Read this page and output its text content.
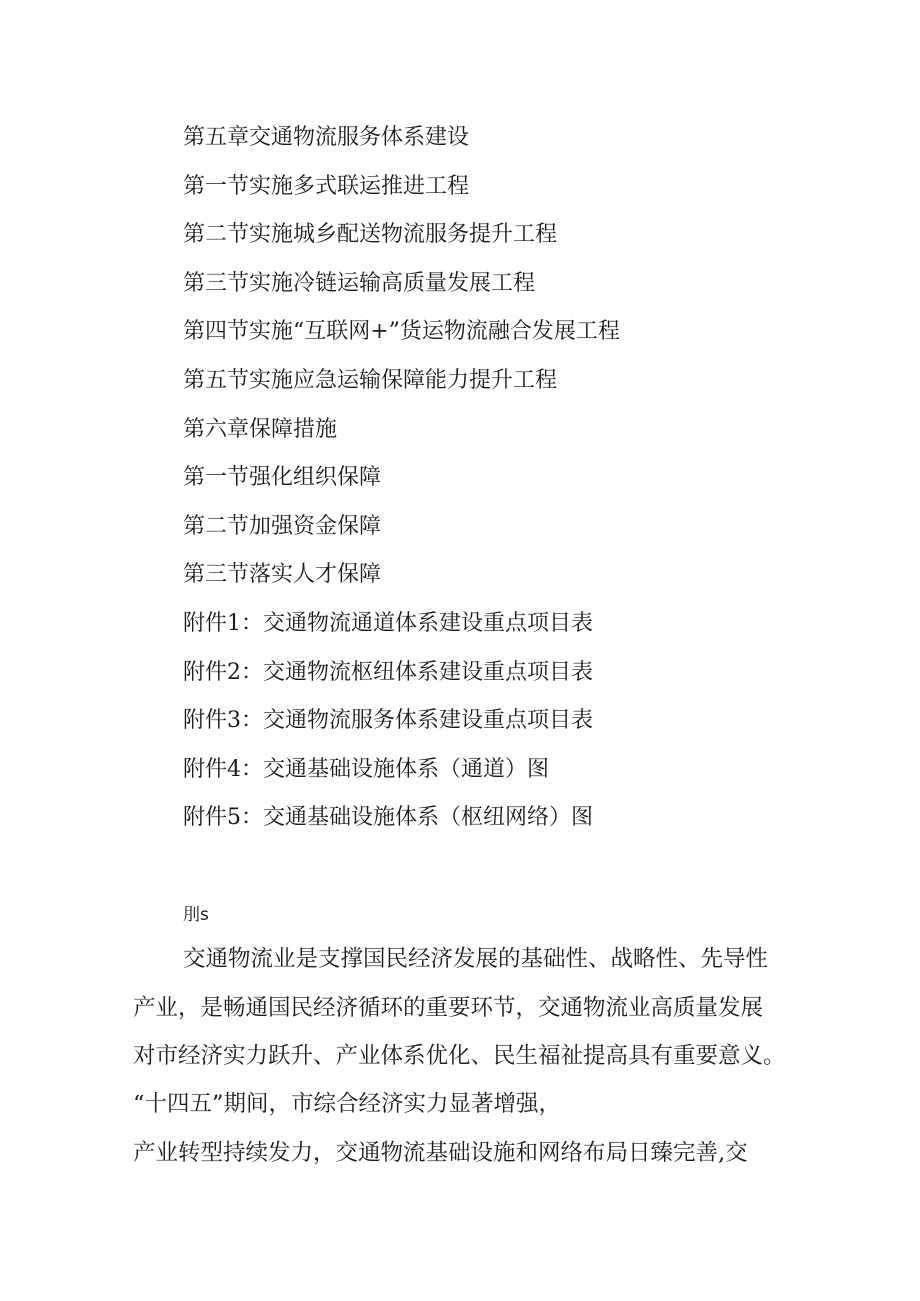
第五章交通物流服务体系建设
第一节实施多式联运推进工程
第二节实施城乡配送物流服务提升工程
第三节实施冷链运输高质量发展工程
第四节实施“互联网+”货运物流融合发展工程
第五节实施应急运输保障能力提升工程
第六章保障措施
第一节强化组织保障
第二节加强资金保障
第三节落实人才保障
附件1：交通物流通道体系建设重点项目表
附件2：交通物流枢纽体系建设重点项目表
附件3：交通物流服务体系建设重点项目表
附件4：交通基础设施体系（通道）图
附件5：交通基础设施体系（枢纽网络）图
刖s
交通物流业是支撑国民经济发展的基础性、战略性、先导性
产业，是畅通国民经济循环的重要环节，交通物流业高质量发展
对市经济实力跃升、产业体系优化、民生福祉提高具有重要意义。
“十四五”期间，市综合经济实力显著增强，
产业转型持续发力，交通物流基础设施和网络布局日臻完善,交
